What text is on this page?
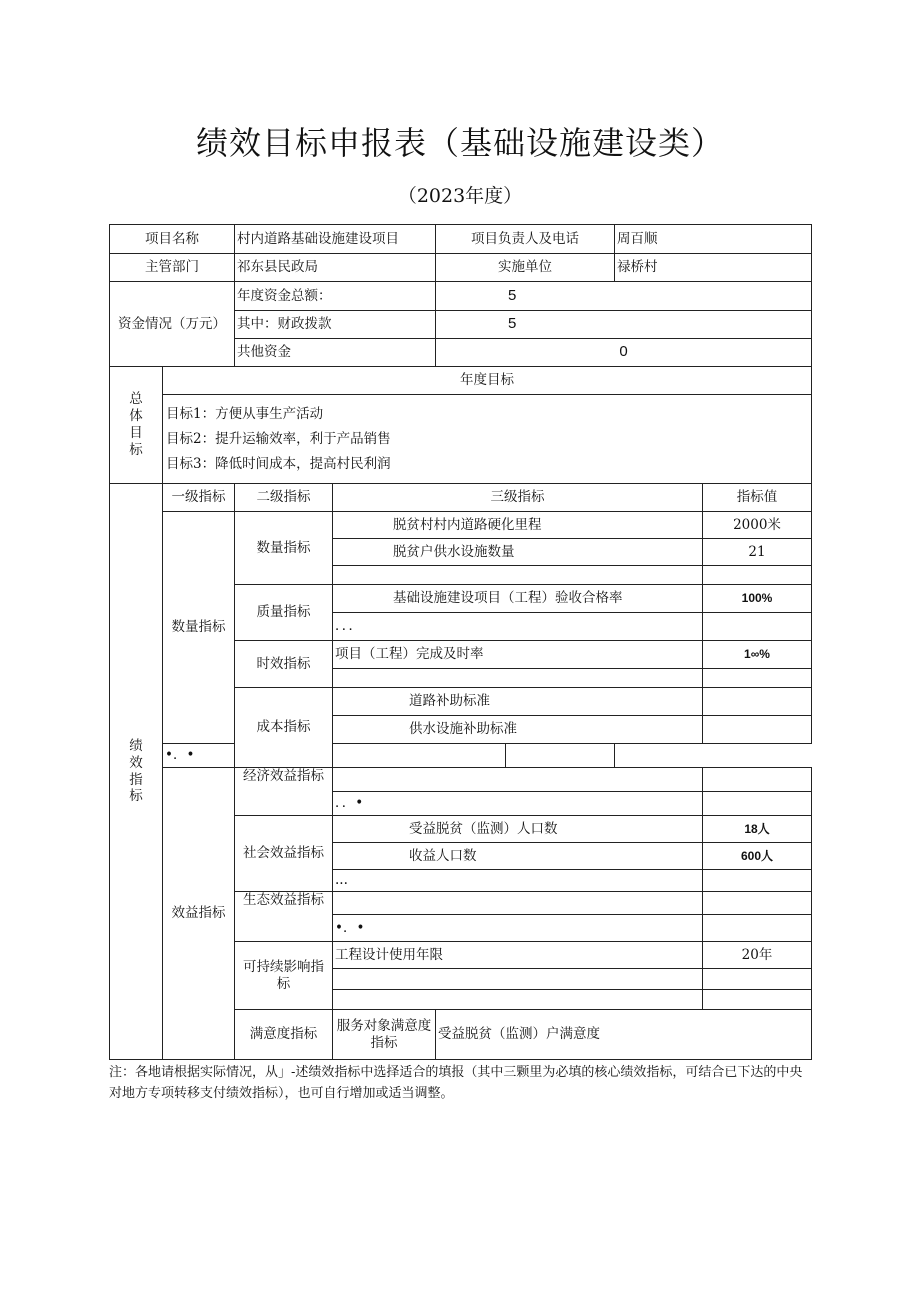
绩效目标申报表（基础设施建设类）
（2023年度）
项目名称		村内道路基础设施建设项目		项目负责人及电话		周百顺		
主管部门		祁东县民政局		实施单位		禄桥村		
资金情况（万元）		年度资金总额：		5				
		其中：财政拨款		5				
		共他资金		0				
总体目标	年度目标							

	目标1：方便从事生产活动
目标2：提升运输效率，利于产品销售
目标3：降低时间成本，提高村民利润							

绩效指标	一级指标	二级指标	三级指标				指标值	
	数量指标	数量指标	脱贫村村内道路硬化里程				2000米	
			脱贫户供水设施数量				21	

		质量指标	基础设施建设项目（工程）验收合格率				100%	
			．．．					
		时效指标	项目（工程）完成及时率				1∞%	

		成本指标	道路补助标准					
			供水设施补助标准					
	•．•							
	效益指标	经济效益指标						
			．．•					
		社会效益指标	受益脱贫（监测）人口数				18人	
			收益人口数				600人	
			...					
		生态效益指标						
			•．•					
		可持续影响指标	工程设计使用年限				20年	

		满意度指标	服务对象满意度指标	受益脱贫（监测）户满意度	
注：各地请根据实际情况，从」-述绩效指标中选择适合的填报（其中三颗里为必填的核心绩效指标，可结合已下达的中央对地方专项转移支付绩效指标），也可自行增加或适当调整。
